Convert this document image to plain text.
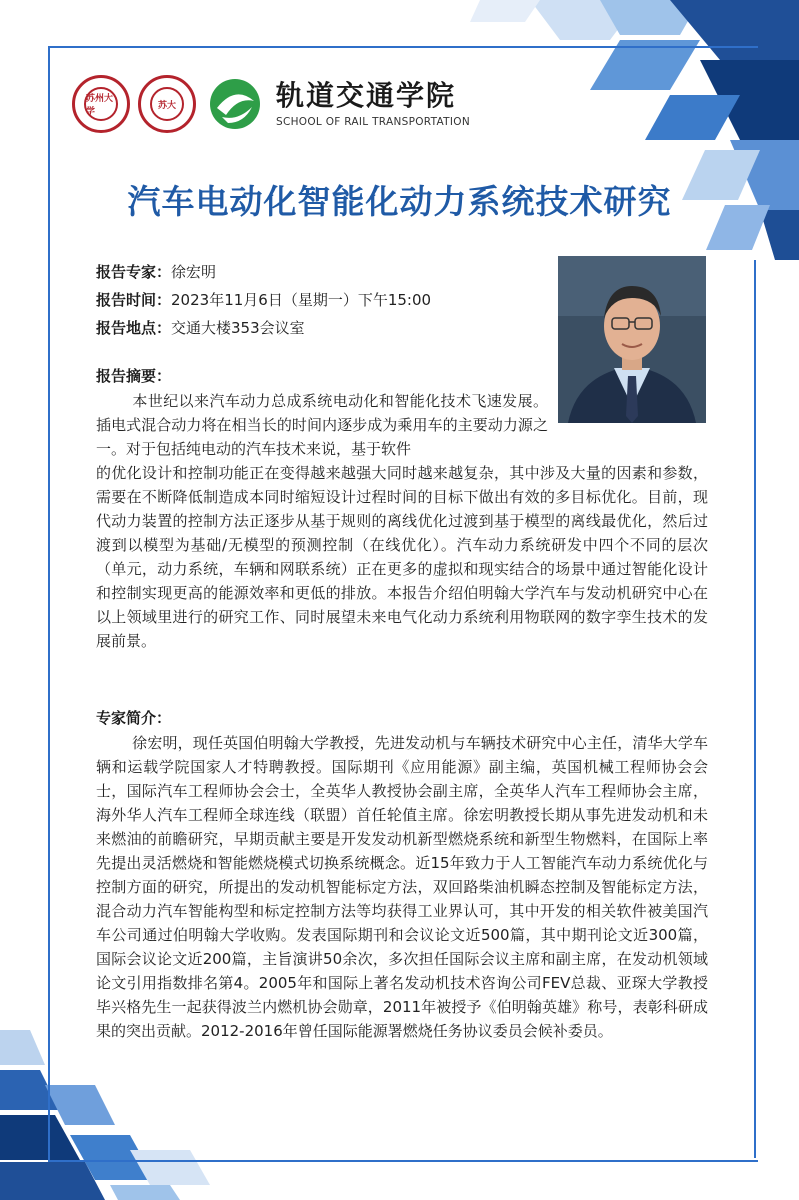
苏州大学
苏大	轨道交通学院
SCHOOL OF RAIL TRANSPORTATION
汽车电动化智能化动力系统技术研究
报告专家：徐宏明
报告时间：2023年11月6日（星期一）下午15:00
报告地点：交通大楼353会议室
报告摘要：
本世纪以来汽车动力总成系统电动化和智能化技术飞速发展。插电式混合动力将在相当长的时间内逐步成为乘用车的主要动力源之一。对于包括纯电动的汽车技术来说，基于软件
的优化设计和控制功能正在变得越来越强大同时越来越复杂，其中涉及大量的因素和参数，需要在不断降低制造成本同时缩短设计过程时间的目标下做出有效的多目标优化。目前，现代动力装置的控制方法正逐步从基于规则的离线优化过渡到基于模型的离线最优化，然后过渡到以模型为基础/无模型的预测控制（在线优化）。汽车动力系统研发中四个不同的层次（单元，动力系统，车辆和网联系统）正在更多的虚拟和现实结合的场景中通过智能化设计和控制实现更高的能源效率和更低的排放。本报告介绍伯明翰大学汽车与发动机研究中心在以上领域里进行的研究工作、同时展望未来电气化动力系统利用物联网的数字孪生技术的发展前景。
专家简介：
徐宏明，现任英国伯明翰大学教授，先进发动机与车辆技术研究中心主任，清华大学车辆和运载学院国家人才特聘教授。国际期刊《应用能源》副主编，英国机械工程师协会会士，国际汽车工程师协会会士，全英华人教授协会副主席，全英华人汽车工程师协会主席，海外华人汽车工程师全球连线（联盟）首任轮值主席。徐宏明教授长期从事先进发动机和未来燃油的前瞻研究，早期贡献主要是开发发动机新型燃烧系统和新型生物燃料，在国际上率先提出灵活燃烧和智能燃烧模式切换系统概念。近15年致力于人工智能汽车动力系统优化与控制方面的研究，所提出的发动机智能标定方法，双回路柴油机瞬态控制及智能标定方法，混合动力汽车智能构型和标定控制方法等均获得工业界认可，其中开发的相关软件被美国汽车公司通过伯明翰大学收购。发表国际期刊和会议论文近500篇，其中期刊论文近300篇，国际会议论文近200篇，主旨演讲50余次，多次担任国际会议主席和副主席，在发动机领域论文引用指数排名第4。2005年和国际上著名发动机技术咨询公司FEV总裁、亚琛大学教授毕兴格先生一起获得波兰内燃机协会勋章，2011年被授予《伯明翰英雄》称号，表彰科研成果的突出贡献。2012-2016年曾任国际能源署燃烧任务协议委员会候补委员。
